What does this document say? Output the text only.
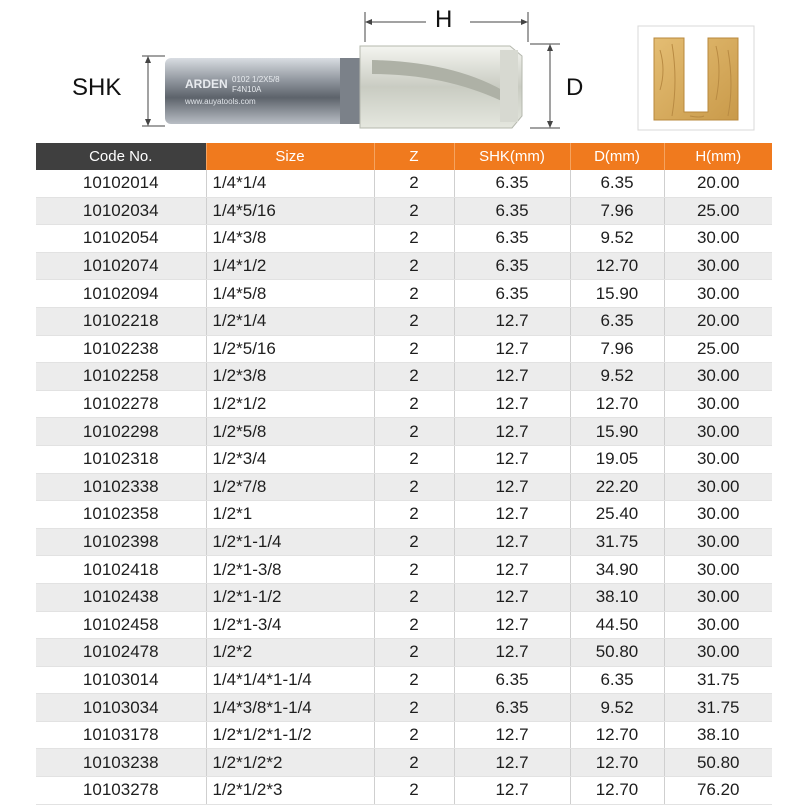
ARDEN 0102 1/2X5/8
F4N10A
www.auyatools.com
H
SHK	D
Code No.	Size	Z	SHK(mm)	D(mm)	H(mm)
10102014	1/4*1/4	2	6.35	6.35	20.00
10102034	1/4*5/16	2	6.35	7.96	25.00
10102054	1/4*3/8	2	6.35	9.52	30.00
10102074	1/4*1/2	2	6.35	12.70	30.00
10102094	1/4*5/8	2	6.35	15.90	30.00
10102218	1/2*1/4	2	12.7	6.35	20.00
10102238	1/2*5/16	2	12.7	7.96	25.00
10102258	1/2*3/8	2	12.7	9.52	30.00
10102278	1/2*1/2	2	12.7	12.70	30.00
10102298	1/2*5/8	2	12.7	15.90	30.00
10102318	1/2*3/4	2	12.7	19.05	30.00
10102338	1/2*7/8	2	12.7	22.20	30.00
10102358	1/2*1	2	12.7	25.40	30.00
10102398	1/2*1-1/4	2	12.7	31.75	30.00
10102418	1/2*1-3/8	2	12.7	34.90	30.00
10102438	1/2*1-1/2	2	12.7	38.10	30.00
10102458	1/2*1-3/4	2	12.7	44.50	30.00
10102478	1/2*2	2	12.7	50.80	30.00
10103014	1/4*1/4*1-1/4	2	6.35	6.35	31.75
10103034	1/4*3/8*1-1/4	2	6.35	9.52	31.75
10103178	1/2*1/2*1-1/2	2	12.7	12.70	38.10
10103238	1/2*1/2*2	2	12.7	12.70	50.80
10103278	1/2*1/2*3	2	12.7	12.70	76.20
